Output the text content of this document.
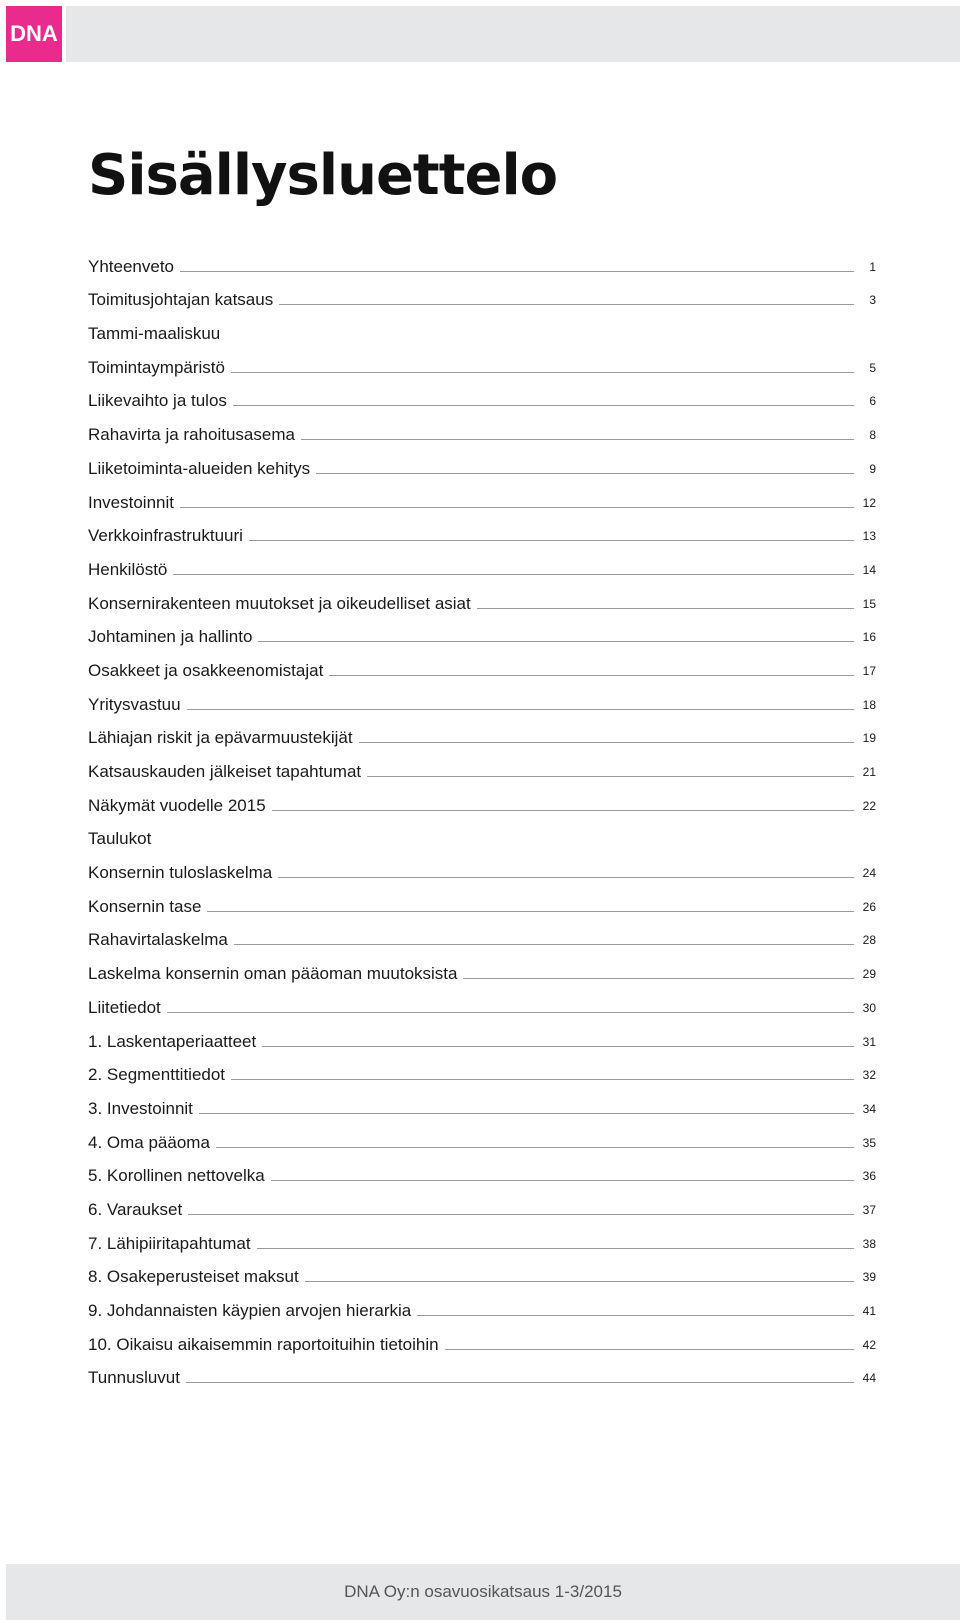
DNA
Sisällysluettelo
Yhteenveto	1
Toimitusjohtajan katsaus	3
Tammi-maaliskuu
Toimintaympäristö	5
Liikevaihto ja tulos	6
Rahavirta ja rahoitusasema	8
Liiketoiminta-alueiden kehitys	9
Investoinnit	12
Verkkoinfrastruktuuri	13
Henkilöstö	14
Konsernirakenteen muutokset ja oikeudelliset asiat	15
Johtaminen ja hallinto	16
Osakkeet ja osakkeenomistajat	17
Yritysvastuu	18
Lähiajan riskit ja epävarmuustekijät	19
Katsauskauden jälkeiset tapahtumat	21
Näkymät vuodelle 2015	22
Taulukot
Konsernin tuloslaskelma	24
Konsernin tase	26
Rahavirtalaskelma	28
Laskelma konsernin oman pääoman muutoksista	29
Liitetiedot	30
1. Laskentaperiaatteet	31
2. Segmenttitiedot	32
3. Investoinnit	34
4. Oma pääoma	35
5. Korollinen nettovelka	36
6. Varaukset	37
7. Lähipiiritapahtumat	38
8. Osakeperusteiset maksut	39
9. Johdannaisten käypien arvojen hierarkia	41
10. Oikaisu aikaisemmin raportoituihin tietoihin	42
Tunnusluvut	44
DNA Oy:n osavuosikatsaus 1-3/2015
